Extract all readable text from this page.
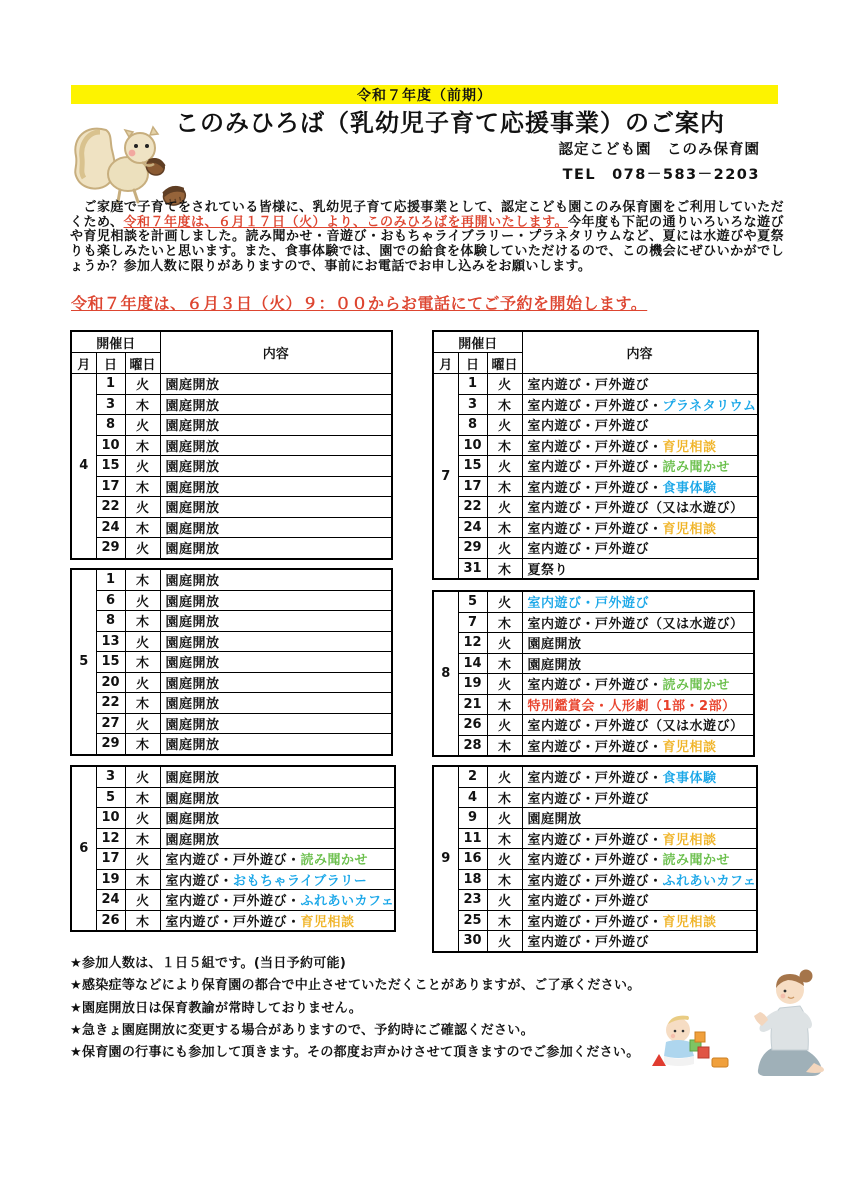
令和７年度（前期）
このみひろば（乳幼児子育て応援事業）のご案内
認定こども園　このみ保育園
TEL　078－583－2203
　ご家庭で子育てをされている皆様に、乳幼児子育て応援事業として、認定こども園このみ保育園をご利用していただくため、令和７年度は、６月１７日（火）より、このみひろばを再開いたします。今年度も下記の通りいろいろな遊びや育児相談を計画しました。読み聞かせ・音遊び・おもちゃライブラリー・プラネタリウムなど、夏には水遊びや夏祭りも楽しみたいと思います。また、食事体験では、園での給食を体験していただけるので、この機会にぜひいかがでしょうか？参加人数に限りがありますので、事前にお電話でお申し込みをお願いします。
令和７年度は、６月３日（火）９：００からお電話にてご予約を開始します。
開催日			内容
月	日	曜日	
4	1	火	園庭開放
	3	木	園庭開放
	8	火	園庭開放
	10	木	園庭開放
	15	火	園庭開放
	17	木	園庭開放
	22	火	園庭開放
	24	木	園庭開放
	29	火	園庭開放
開催日			内容
月	日	曜日	
7	1	火	室内遊び・戸外遊び
	3	木	室内遊び・戸外遊び・プラネタリウム
	8	火	室内遊び・戸外遊び
	10	木	室内遊び・戸外遊び・育児相談
	15	火	室内遊び・戸外遊び・読み聞かせ
	17	木	室内遊び・戸外遊び・食事体験
	22	火	室内遊び・戸外遊び（又は水遊び）
	24	木	室内遊び・戸外遊び・育児相談
	29	火	室内遊び・戸外遊び
	31	木	夏祭り
5	1	木	園庭開放
	6	火	園庭開放
	8	木	園庭開放
	13	火	園庭開放
	15	木	園庭開放
	20	火	園庭開放
	22	木	園庭開放
	27	火	園庭開放
	29	木	園庭開放
8	5	火	室内遊び・戸外遊び
	7	木	室内遊び・戸外遊び（又は水遊び）
	12	火	園庭開放
	14	木	園庭開放
	19	火	室内遊び・戸外遊び・読み聞かせ
	21	木	特別鑑賞会・人形劇（1部・2部）
	26	火	室内遊び・戸外遊び（又は水遊び）
	28	木	室内遊び・戸外遊び・育児相談
6	3	火	園庭開放
	5	木	園庭開放
	10	火	園庭開放
	12	木	園庭開放
	17	火	室内遊び・戸外遊び・読み聞かせ
	19	木	室内遊び・おもちゃライブラリー
	24	火	室内遊び・戸外遊び・ふれあいカフェ
	26	木	室内遊び・戸外遊び・育児相談
9	2	火	室内遊び・戸外遊び・食事体験
	4	木	室内遊び・戸外遊び
	9	火	園庭開放
	11	木	室内遊び・戸外遊び・育児相談
	16	火	室内遊び・戸外遊び・読み聞かせ
	18	木	室内遊び・戸外遊び・ふれあいカフェ
	23	火	室内遊び・戸外遊び
	25	木	室内遊び・戸外遊び・育児相談
	30	火	室内遊び・戸外遊び
★参加人数は、１日５組です。(当日予約可能)
★感染症等などにより保育園の都合で中止させていただくことがありますが、ご了承ください。
★園庭開放日は保育教諭が常時しておりません。
★急きょ園庭開放に変更する場合がありますので、予約時にご確認ください。
★保育園の行事にも参加して頂きます。その都度お声かけさせて頂きますのでご参加ください。
